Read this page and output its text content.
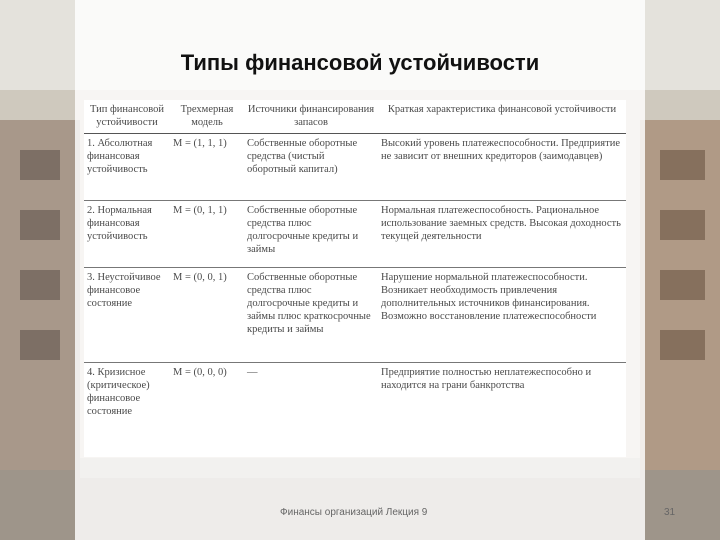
Типы финансовой устойчивости
Тип финансовой устойчивости	Трехмерная модель	Источники финансирования запасов	Краткая характеристика финансовой устойчивости
1. Абсолютная финансовая устойчивость	М = (1, 1, 1)	Собственные оборотные средства (чистый оборотный капитал)	Высокий уровень платежеспособности. Предприятие не зависит от внешних кредиторов (заимодавцев)
2. Нормальная финансовая устойчивость	М = (0, 1, 1)	Собственные оборотные средства плюс долгосрочные кредиты и займы	Нормальная платежеспособность. Рациональное использование заемных средств. Высокая доходность текущей деятельности
3. Неустойчивое финансовое состояние	М = (0, 0, 1)	Собственные оборотные средства плюс долгосрочные кредиты и займы плюс краткосрочные кредиты и займы	Нарушение нормальной платежеспособности. Возникает необходимость привлечения дополнительных источников финансирования. Возможно восстановление платежеспособности
4. Кризисное (критическое) финансовое состояние	М = (0, 0, 0)	—	Предприятие полностью неплатежеспособно и находится на грани банкротства
Финансы организаций Лекция 9	31
